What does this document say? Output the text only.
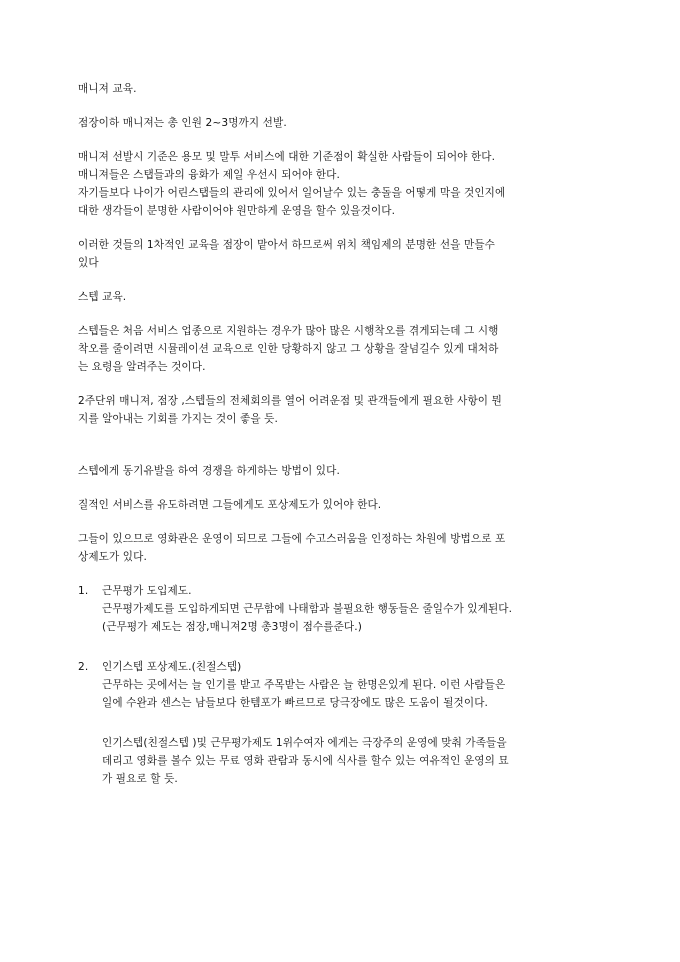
매니져 교육.

점장이하 매니져는 총 인원 2~3명까지 선발.

매니져 선발시 기준은 용모 및 말투 서비스에 대한 기준점이 확실한 사람들이 되어야 한다.
매니져들은 스탭들과의 융화가 제일 우선시 되어야 한다.
자기들보다 나이가 어린스탭들의 관리에 있어서 일어날수 있는 충돌을 어떻게 막을 것인지에
대한 생각들이 분명한 사람이어야 원만하게 운영을 할수 있을것이다.

이러한 것들의 1차적인 교육을 점장이 맡아서 하므로써 위치 책임제의 분명한 선을 만들수
있다

스텝 교육.

스텝들은 처음 서비스 업종으로 지원하는 경우가 많아 많은 시행착오를 겪게되는데 그 시행
착오를 줄이려면 시뮬레이션 교육으로 인한 당황하지 않고 그 상황을 잘넘길수 있게 대처하
는 요령을 알려주는 것이다.

2주단위 매니져, 점장 ,스텝들의 전체회의를 열어 어려운점 및 관객들에게 필요한 사항이 뭔
지를 알아내는 기회를 가지는 것이 좋을 듯.

스텝에게 동기유발을 하여 경쟁을 하게하는 방법이 있다.

질적인 서비스를 유도하려면 그들에게도 포상제도가 있어야 한다.

그들이 있으므로 영화관은 운영이 되므로 그들에 수고스러움을 인정하는 차원에 방법으로 포
상제도가 있다.

1. 근무평가 도입제도.
근무평가제도를 도입하게되면 근무함에 나태함과 불필요한 행동들은 줄일수가 있게된다.
(근무평가 제도는 점장,매니져2명 총3명이 점수를준다.)
2. 인기스텝 포상제도.(친절스텝)
근무하는 곳에서는 늘 인기를 받고 주목받는 사람은 늘 한명은있게 된다. 이런 사람들은
일에 수완과 센스는 남들보다 한템포가 빠르므로 당극장에도 많은 도움이 될것이다.
인기스텝(친절스텝 )및 근무평가제도 1위수여자 에게는 극장주의 운영에 맞춰 가족들을
데리고 영화를 볼수 있는 무료 영화 관람과 동시에 식사를 할수 있는 여유적인 운영의 묘
가 필요로 할 듯.
